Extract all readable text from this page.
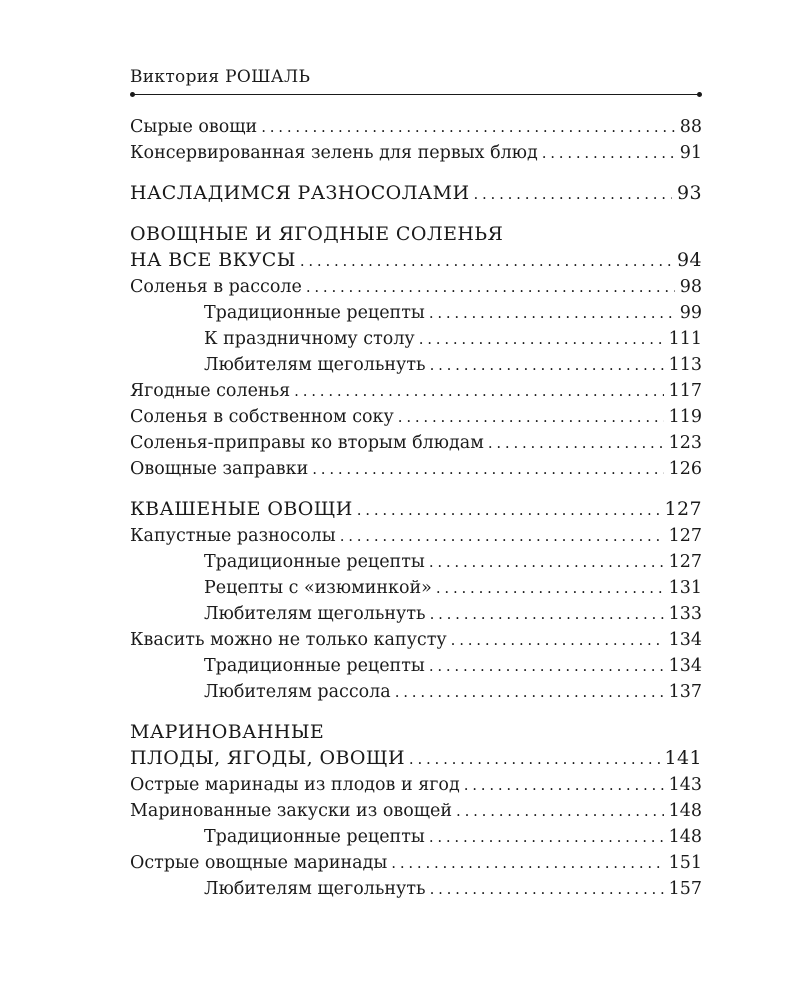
Виктория РОШАЛЬ
Сырые овощи . . .	88
Консервированная зелень для первых блюд . . .	91
НАСЛАДИМСЯ РАЗНОСОЛАМИ . . .	93
ОВОЩНЫЕ И ЯГОДНЫЕ СОЛЕНЬЯ
НА ВСЕ ВКУСЫ . . .	94
Соленья в рассоле . . .	98
Традиционные рецепты . . .	99
К праздничному столу . . .	111
Любителям щегольнуть . . .	113
Ягодные соленья . . .	117
Соленья в собственном соку . . .	119
Соленья-приправы ко вторым блюдам . . .	123
Овощные заправки . . .	126
КВАШЕНЫЕ ОВОЩИ . . .	127
Капустные разносолы . . .	127
Традиционные рецепты . . .	127
Рецепты с «изюминкой» . . .	131
Любителям щегольнуть . . .	133
Квасить можно не только капусту . . .	134
Традиционные рецепты . . .	134
Любителям рассола . . .	137
МАРИНОВАННЫЕ
ПЛОДЫ, ЯГОДЫ, ОВОЩИ . . .	141
Острые маринады из плодов и ягод . . .	143
Маринованные закуски из овощей . . .	148
Традиционные рецепты . . .	148
Острые овощные маринады . . .	151
Любителям щегольнуть . . .	157
